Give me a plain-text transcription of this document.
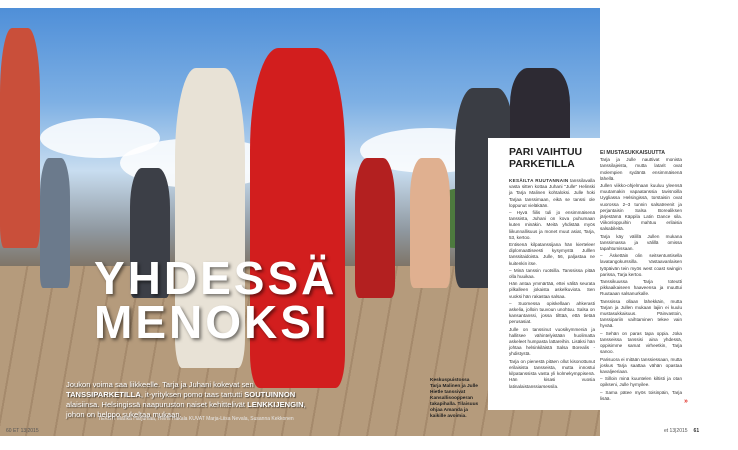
YHDESSÄ
MENOKSI
Joukon voima saa liikkeelle. Tarja ja Juhani kokevat sen TANSSIPARKETILLA, it-yrityksen pomo taas tartutti SOUTUINNON alaisiinsa. Helsingissä naapuruston naiset kehittelivät LENKKIJENGIN, johon on helppo sukeltaa mukaan.
TEKSTI Marika Harjumaa, Helmi Hakala KUVAT Marja-Liisa Nevala, Susanna Kekkonen
Keskuspuistossa Tarja Malinen ja Julle Hietle tanssivat Kansallisoopperan takapihalla. Tilaisuus ohjaa Amanda ja kaikille avoimia.
PARI VAIHTUU PARKETILLA

KESÄILTA RUUTANNAIN tanssilavalla vasta sitten kottaa Juhani "Julle" Helinski ja Tarja Malinen kohtaloksi. Julle hoki Tarjaa tanssimaan, eikä se tanssi ole loppunut vieläkään.

– Hyvä fiilis tuli jo ensimmäisenä tanssista, Juhani on kova puhumaan kuten minäkin. Meitä yhdistää myös liikunnallisuus ja monet muut asiat, Tarja, 53, kertoo.

Entisenä kilpatanssijana hän kierteleer diplomaattiseesti kysymystä Julllen tanssitaidoista. Julle, 56, paljastaa ne kuitenkin itse.

– Minä tanssin ruotsilla. Tanssissa pitää olla huuikaa.

Hän antaa ymmärtää, ettei välitä seurata pilkalleen jokaista askelkuviota. Sen vuoksi hän rakastaa salsaa.

– Suomessa opiskellaan ahkerasti askelia, jolloin tuuvoun unohtuu. Salsa on kansantanssi, jossa tilttää, että tietää perusasiat.

Julle on tanssinut vuosikymmeniä ja hallitsee vähintelyistään huolimatta askeleet humpasta lattareihin. Lisäksi hän johtaa helsinkiläistä Salsa Borealis -yhdistystä.

Tarja on pienestä pitäen ollut kisonottunut erilaisista tansseista, mutta innostui kilpatanssista vasta yli kolmekymppisenä. Hän kisasi vuosia latinalaistanssiarsessila.

EI MUSTASUKKAISUUTTA

Tarja ja Julle nauttivat monista tanssilajeista, mutta latarit ovat molempien sydäntä ensimmäisenä lähellä.

Jullen viikko-ohjelmaan kuuluu yleensä muutamakin vapaatanssia tavisnoilla Uygliassa Helsingissä, torstaisin ovat vuorossa 2–3 tunnin salsatreenit ja perjantaisin Salsa Borealiksen järjestämä Käppila Latin Dance sila. Viikonloppuihin mahtuu erilaisia salsabileitä.

Tarja käy välillä Jullen mukana tanssimassa ja välillä omissa tapahtumissaan.

– Äskettäin olin seitsentuntisella lavatangokurssilla. Vastaavanlaisen työpäivän tein myös west coast swingin parissa, Tarja kertoo.

Tanssikuussa Tarja toteutti pikkaaikaiseen haaveensa ja muuttui Ruutaaan salsanurkalle.

Tanssissa ollaan lähekkäin, mutta Tarjan ja Jullen mukaan lajiin ei kuulu mustasukkaisuus. Päinvastoin, tanssipariin vaihtaminen tekee vain hyvää.

– Sehän on paras tapa oppia. Joka tansseissa tanssisi aina yhdessä, oppisimme samat virheetkin, Tarja sanoo.

Parisuora ei mitään tanssiessaan, mutta joskus Tarja saattaa vähän opastaa kavaljeeriaan.

– Silloin minä kuuntelen kiltisti ja otan opikseni, Julle hymyilee.

– Sama pätee myös toisinpäin, Tarja lisää.	»
60 ET 13|2015	et 13|2015 61
